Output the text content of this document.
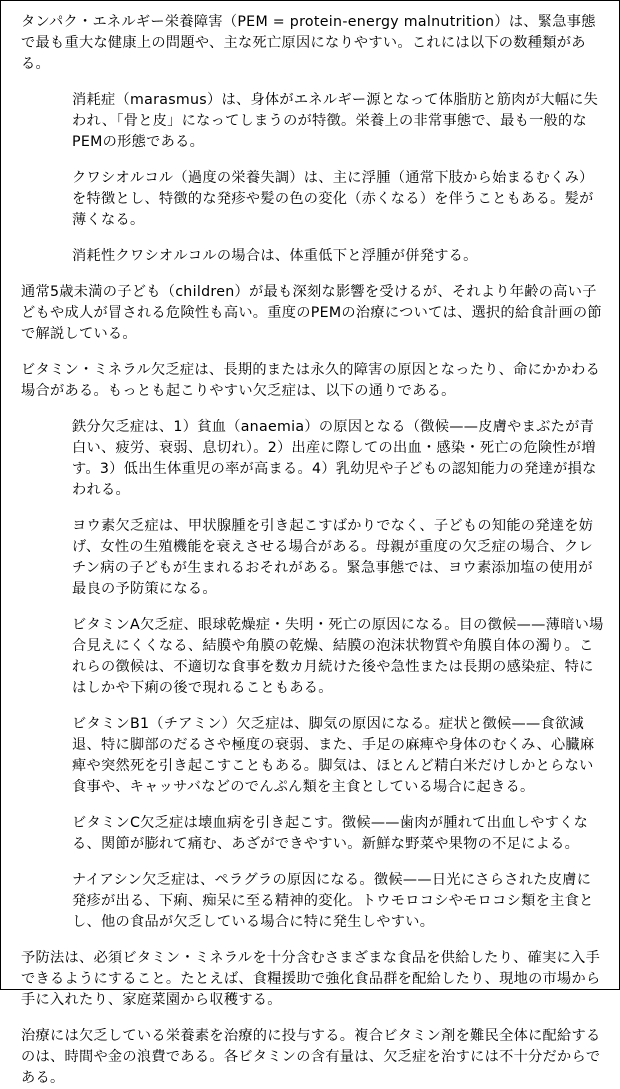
タンパク・エネルギー栄養障害（PEM = protein-energy malnutrition）は、緊急事態で最も重大な健康上の問題や、主な死亡原因になりやすい。これには以下の数種類がある。

消耗症（marasmus）は、身体がエネルギー源となって体脂肪と筋肉が大幅に失われ、「骨と皮」になってしまうのが特徴。栄養上の非常事態で、最も一般的なPEMの形態である。

クワシオルコル（過度の栄養失調）は、主に浮腫（通常下肢から始まるむくみ）を特徴とし、特徴的な発疹や髪の色の変化（赤くなる）を伴うこともある。髪が薄くなる。

消耗性クワシオルコルの場合は、体重低下と浮腫が併発する。

通常5歳未満の子ども（children）が最も深刻な影響を受けるが、それより年齢の高い子どもや成人が冒される危険性も高い。重度のPEMの治療については、選択的給食計画の節で解説している。

ビタミン・ミネラル欠乏症は、長期的または永久的障害の原因となったり、命にかかわる場合がある。もっとも起こりやすい欠乏症は、以下の通りである。

鉄分欠乏症は、1）貧血（anaemia）の原因となる（徴候——皮膚やまぶたが青白い、疲労、衰弱、息切れ）。2）出産に際しての出血・感染・死亡の危険性が増す。3）低出生体重児の率が高まる。4）乳幼児や子どもの認知能力の発達が損なわれる。

ヨウ素欠乏症は、甲状腺腫を引き起こすばかりでなく、子どもの知能の発達を妨げ、女性の生殖機能を衰えさせる場合がある。母親が重度の欠乏症の場合、クレチン病の子どもが生まれるおそれがある。緊急事態では、ヨウ素添加塩の使用が最良の予防策になる。

ビタミンA欠乏症、眼球乾燥症・失明・死亡の原因になる。目の徴候——薄暗い場合見えにくくなる、結膜や角膜の乾燥、結膜の泡沫状物質や角膜自体の濁り。これらの徴候は、不適切な食事を数カ月続けた後や急性または長期の感染症、特にはしかや下痢の後で現れることもある。

ビタミンB1（チアミン）欠乏症は、脚気の原因になる。症状と徴候——食欲減退、特に脚部のだるさや極度の衰弱、また、手足の麻痺や身体のむくみ、心臓麻痺や突然死を引き起こすこともある。脚気は、ほとんど精白米だけしかとらない食事や、キャッサバなどのでんぷん類を主食としている場合に起きる。

ビタミンC欠乏症は壊血病を引き起こす。徴候——歯肉が腫れて出血しやすくなる、関節が膨れて痛む、あざができやすい。新鮮な野菜や果物の不足による。

ナイアシン欠乏症は、ペラグラの原因になる。徴候——日光にさらされた皮膚に発疹が出る、下痢、痴呆に至る精神的変化。トウモロコシやモロコシ類を主食とし、他の食品が欠乏している場合に特に発生しやすい。

予防法は、必須ビタミン・ミネラルを十分含むさまざまな食品を供給したり、確実に入手できるようにすること。たとえば、食糧援助で強化食品群を配給したり、現地の市場から手に入れたり、家庭菜園から収穫する。

治療には欠乏している栄養素を治療的に投与する。複合ビタミン剤を難民全体に配給するのは、時間や金の浪費である。各ビタミンの含有量は、欠乏症を治すには不十分だからである。
